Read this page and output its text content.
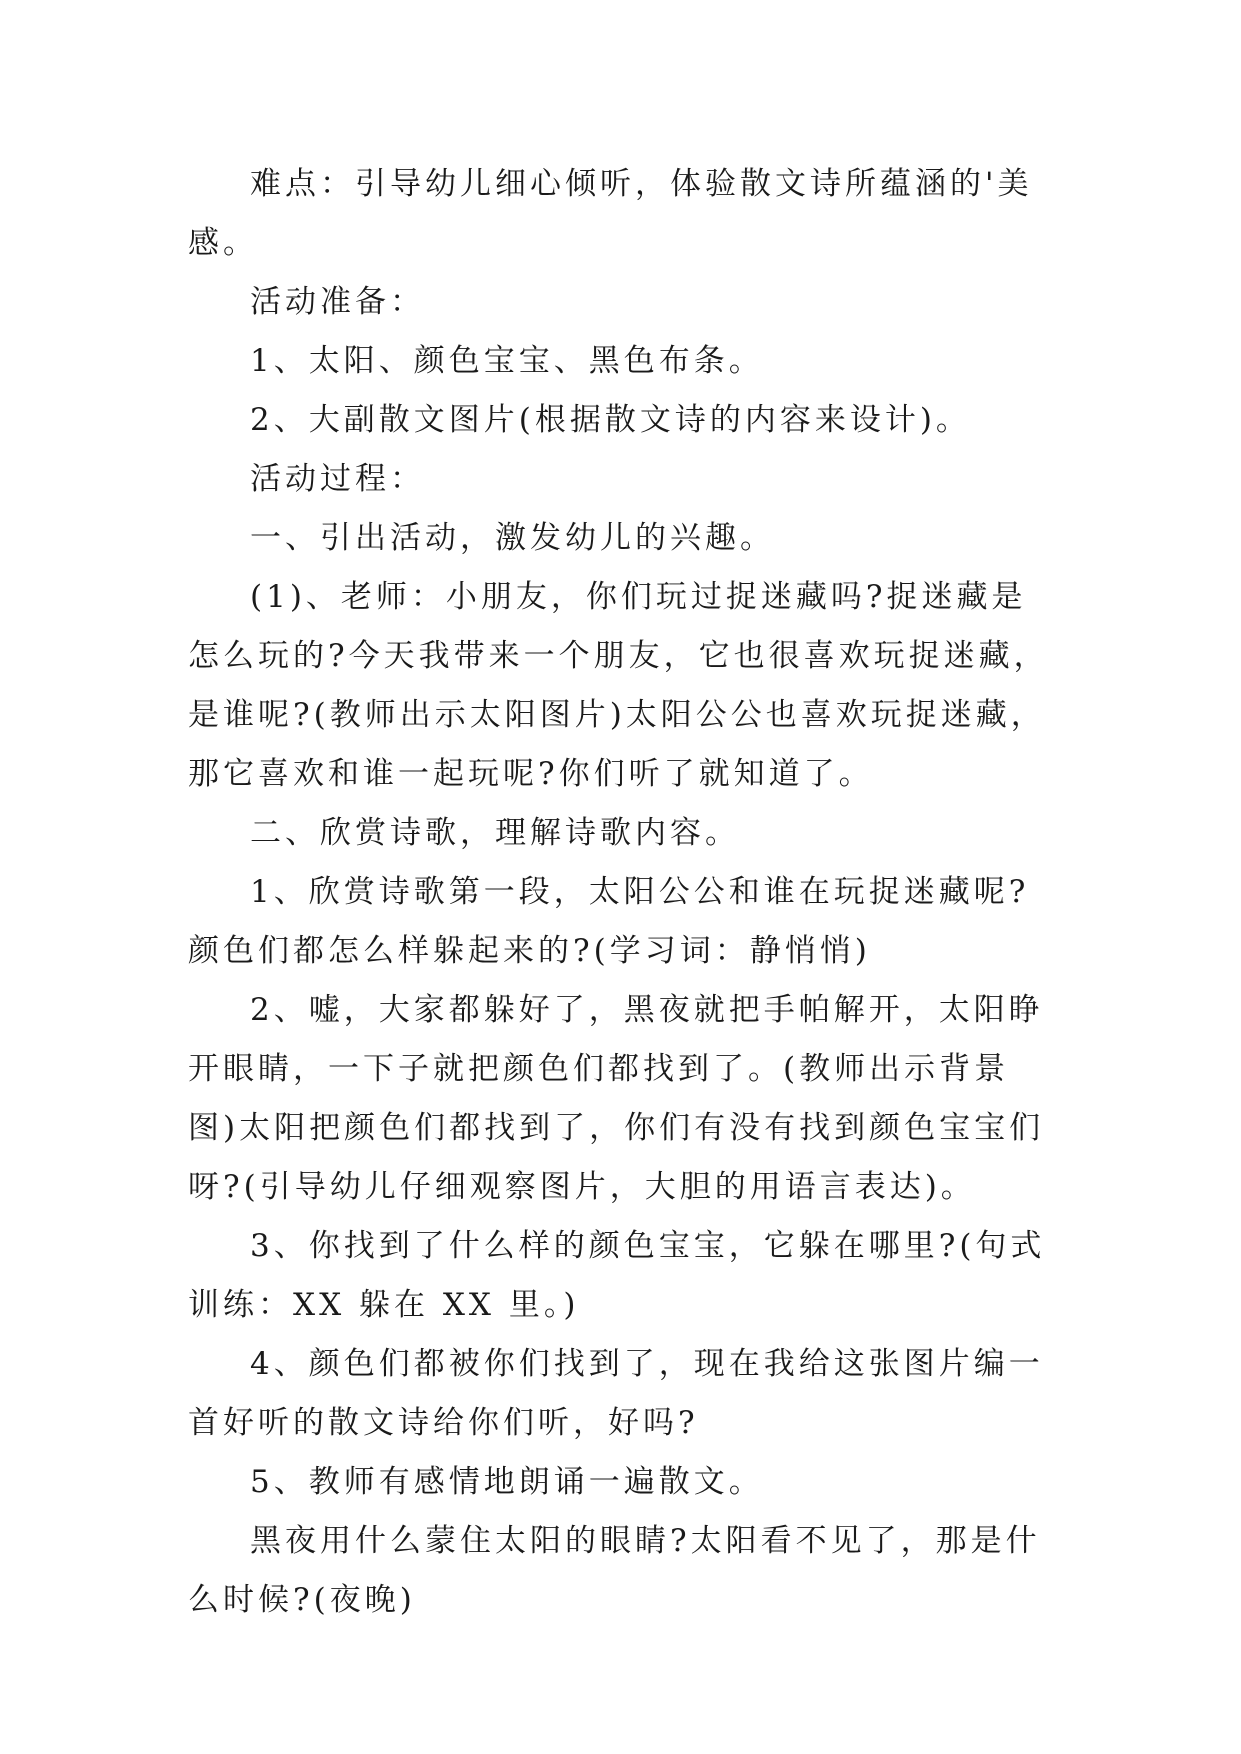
难点：引导幼儿细心倾听，体验散文诗所蕴涵的'美感。

活动准备：

1、太阳、颜色宝宝、黑色布条。

2、大副散文图片(根据散文诗的内容来设计)。

活动过程：

一、引出活动，激发幼儿的兴趣。

(1)、老师：小朋友，你们玩过捉迷藏吗?捉迷藏是怎么玩的?今天我带来一个朋友，它也很喜欢玩捉迷藏，是谁呢?(教师出示太阳图片)太阳公公也喜欢玩捉迷藏，那它喜欢和谁一起玩呢?你们听了就知道了。

二、欣赏诗歌，理解诗歌内容。

1、欣赏诗歌第一段，太阳公公和谁在玩捉迷藏呢?颜色们都怎么样躲起来的?(学习词：静悄悄)

2、嘘，大家都躲好了，黑夜就把手帕解开，太阳睁开眼睛，一下子就把颜色们都找到了。(教师出示背景图)太阳把颜色们都找到了，你们有没有找到颜色宝宝们呀?(引导幼儿仔细观察图片，大胆的用语言表达)。

3、你找到了什么样的颜色宝宝，它躲在哪里?(句式训练：XX 躲在 XX 里。)

4、颜色们都被你们找到了，现在我给这张图片编一首好听的散文诗给你们听，好吗?

5、教师有感情地朗诵一遍散文。

黑夜用什么蒙住太阳的眼睛?太阳看不见了，那是什么时候?(夜晚)
